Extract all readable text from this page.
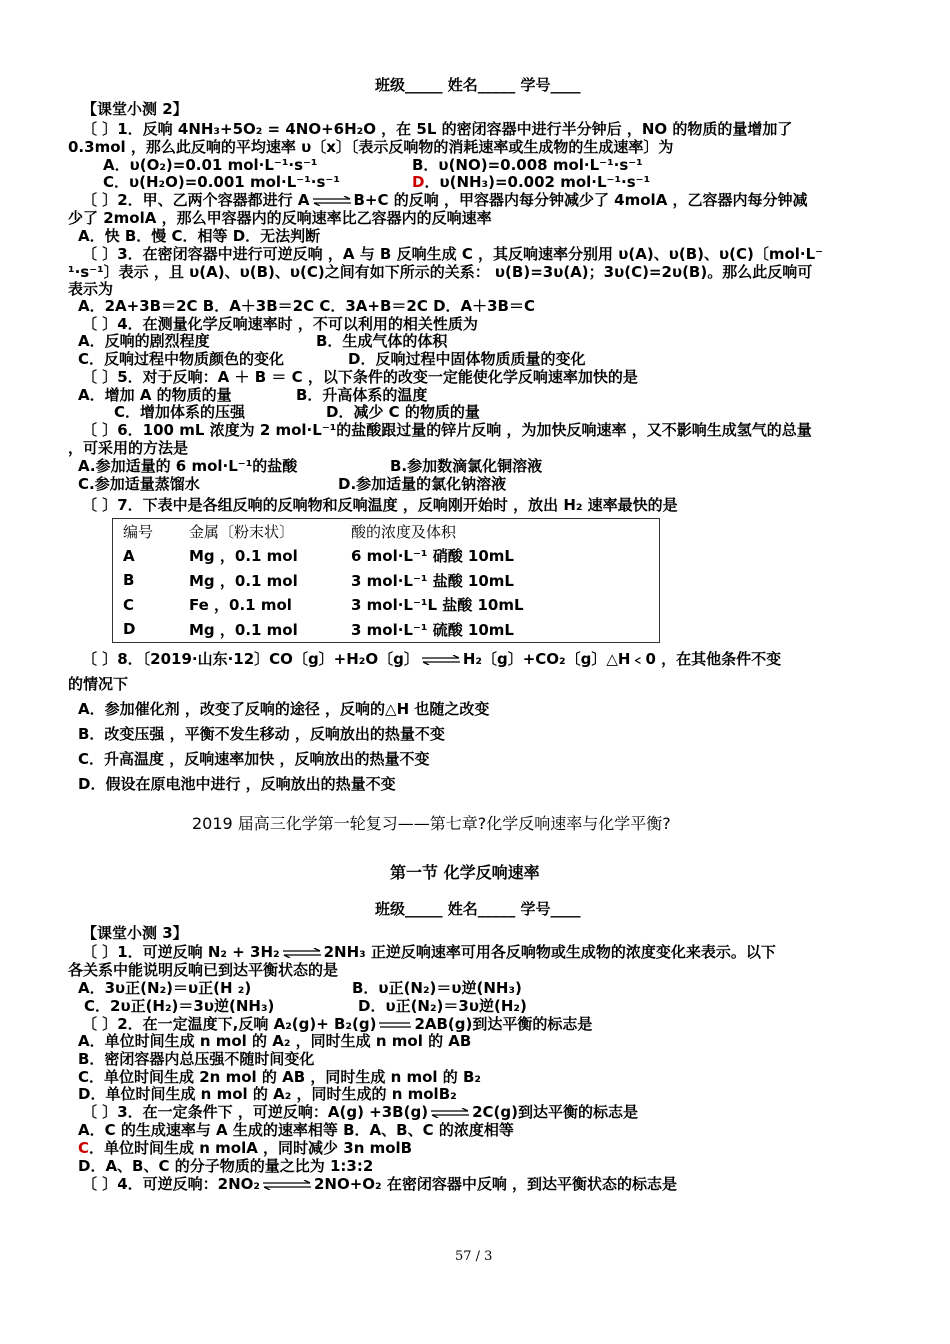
班级_____ 姓名_____ 学号____
【课堂小测 2】
〔 〕1．反响 4NH₃+5O₂ = 4NO+6H₂O ，在 5L 的密闭容器中进行半分钟后 ，NO 的物质的量增加了
0.3mol ，那么此反响的平均速率 υ〔x〕〔表示反响物的消耗速率或生成物的生成速率〕为
A．υ(O₂)=0.01 mol·L⁻¹·s⁻¹	B．υ(NO)=0.008 mol·L⁻¹·s⁻¹
C．υ(H₂O)=0.001 mol·L⁻¹·s⁻¹	D．υ(NH₃)=0.002 mol·L⁻¹·s⁻¹
〔 〕2．甲、乙两个容器都进行 A ⇌ B+C 的反响 ，甲容器内每分钟减少了 4molA ，乙容器内每分钟减
少了 2molA ，那么甲容器内的反响速率比乙容器内的反响速率
A．快 B．慢 C．相等 D．无法判断
〔 〕3．在密闭容器中进行可逆反响 ，A 与 B 反响生成 C ，其反响速率分别用 υ(A)、υ(B)、υ(C)〔mol·L⁻
¹·s⁻¹〕表示 ，且 υ(A)、υ(B)、υ(C)之间有如下所示的关系： υ(B)=3υ(A)；3υ(C)=2υ(B)。那么此反响可
表示为
A．2A+3B＝2C B．A＋3B＝2C C．3A+B＝2C D．A＋3B＝C
〔 〕4．在测量化学反响速率时 ，不可以利用的相关性质为
A．反响的剧烈程度	B．生成气体的体积
C．反响过程中物质颜色的变化	D．反响过程中固体物质质量的变化
〔 〕5．对于反响：A ＋ B ＝ C ，以下条件的改变一定能使化学反响速率加快的是
A．增加 A 的物质的量	B．升高体系的温度
C．增加体系的压强	D．减少 C 的物质的量
〔 〕6．100 mL 浓度为 2 mol·L⁻¹的盐酸跟过量的锌片反响 ，为加快反响速率 ，又不影响生成氢气的总量
，可采用的方法是
A.参加适量的 6 mol·L⁻¹的盐酸	B.参加数滴氯化铜溶液
C.参加适量蒸馏水	D.参加适量的氯化钠溶液
〔 〕7．下表中是各组反响的反响物和反响温度 ，反响刚开始时 ，放出 H₂ 速率最快的是
编号	金属〔粉末状〕	酸的浓度及体积
A	Mg ，0.1 mol	6 mol·L⁻¹ 硝酸 10mL
B	Mg ，0.1 mol	3 mol·L⁻¹ 盐酸 10mL
C	Fe ，0.1 mol	3 mol·L⁻¹L 盐酸 10mL
D	Mg ，0.1 mol	3 mol·L⁻¹ 硫酸 10mL
〔 〕8．〔2019·山东·12〕CO〔g〕+H₂O〔g〕 ⇌ H₂〔g〕+CO₂〔g〕△H﹤0 ，在其他条件不变
的情况下
A．参加催化剂 ，改变了反响的途径 ，反响的△H 也随之改变
B．改变压强 ，平衡不发生移动 ，反响放出的热量不变
C．升高温度 ，反响速率加快 ，反响放出的热量不变
D．假设在原电池中进行 ，反响放出的热量不变
2019 届高三化学第一轮复习——第七章?化学反响速率与化学平衡?
第一节 化学反响速率
班级_____ 姓名_____ 学号____
【课堂小测 3】
〔 〕1．可逆反响 N₂ + 3H₂ ⇌ 2NH₃ 正逆反响速率可用各反响物或生成物的浓度变化来表示。以下
各关系中能说明反响已到达平衡状态的是
A．3υ正(N₂)＝υ正(H ₂)	B．υ正(N₂)＝υ逆(NH₃)
C．2υ正(H₂)＝3υ逆(NH₃)	D．υ正(N₂)＝3υ逆(H₂)
〔 〕2．在一定温度下,反响 A₂(g)+ B₂(g)	2AB(g)到达平衡的标志是
A．单位时间生成 n mol 的 A₂ ，同时生成 n mol 的 AB
B．密闭容器内总压强不随时间变化
C．单位时间生成 2n mol 的 AB ，同时生成 n mol 的 B₂
D．单位时间生成 n mol 的 A₂ ，同时生成的 n molB₂
〔 〕3．在一定条件下 ，可逆反响：A(g) +3B(g) ⇌ 2C(g)到达平衡的标志是
A．C 的生成速率与 A 生成的速率相等 B．A、B、C 的浓度相等
C．单位时间生成 n molA ，同时减少 3n molB
D．A、B、C 的分子物质的量之比为 1:3:2
〔 〕4．可逆反响：2NO₂ ⇌ 2NO+O₂ 在密闭容器中反响 ，到达平衡状态的标志是
57 / 3
